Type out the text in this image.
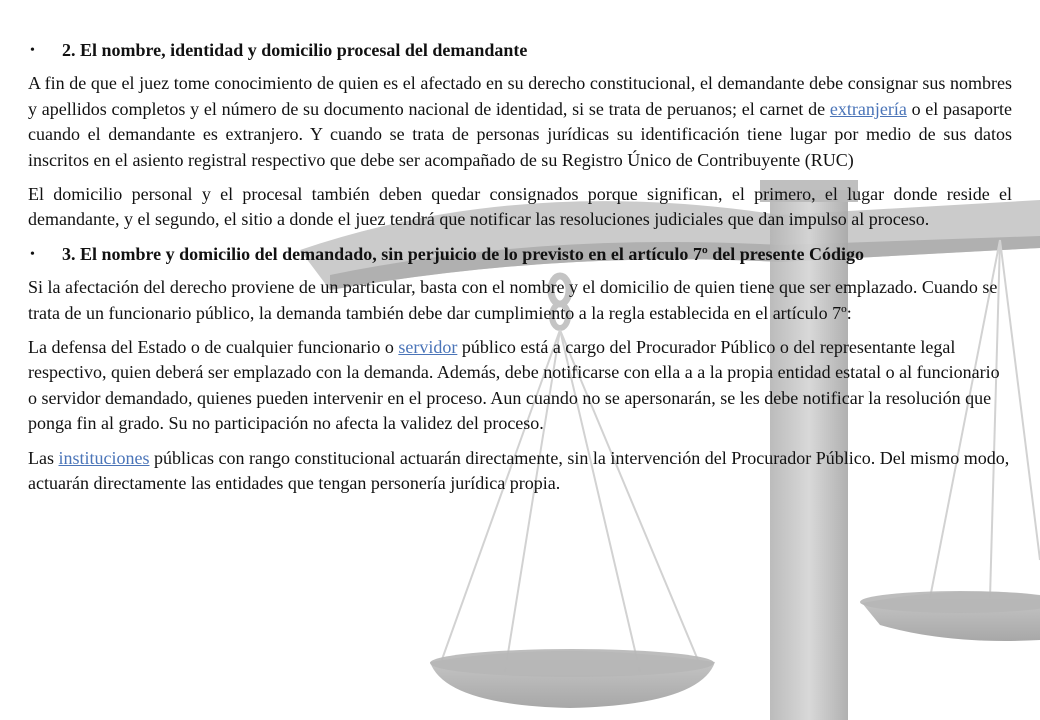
• 2. El nombre, identidad y domicilio procesal del demandante

A fin de que el juez tome conocimiento de quien es el afectado en su derecho constitucional, el demandante debe consignar sus nombres y apellidos completos y el número de su documento nacional de identidad, si se trata de peruanos; el carnet de extranjería o el pasaporte cuando el demandante es extranjero. Y cuando se trata de personas jurídicas su identificación tiene lugar por medio de sus datos inscritos en el asiento registral respectivo que debe ser acompañado de su Registro Único de Contribuyente (RUC)

El domicilio personal y el procesal también deben quedar consignados porque significan, el primero, el lugar donde reside el demandante, y el segundo, el sitio a donde el juez tendrá que notificar las resoluciones judiciales que dan impulso al proceso.

• 3. El nombre y domicilio del demandado, sin perjuicio de lo previsto en el artículo 7º del presente Código

Si la afectación del derecho proviene de un particular, basta con el nombre y el domicilio de quien tiene que ser emplazado. Cuando se trata de un funcionario público, la demanda también debe dar cumplimiento a la regla establecida en el artículo 7º:

La defensa del Estado o de cualquier funcionario o servidor público está a cargo del Procurador Público o del representante legal respectivo, quien deberá ser emplazado con la demanda. Además, debe notificarse con ella a a la propia entidad estatal o al funcionario o servidor demandado, quienes pueden intervenir en el proceso. Aun cuando no se apersonarán, se les debe notificar la resolución que ponga fin al grado. Su no participación no afecta la validez del proceso.

Las instituciones públicas con rango constitucional actuarán directamente, sin la intervención del Procurador Público. Del mismo modo, actuarán directamente las entidades que tengan personería jurídica propia.
